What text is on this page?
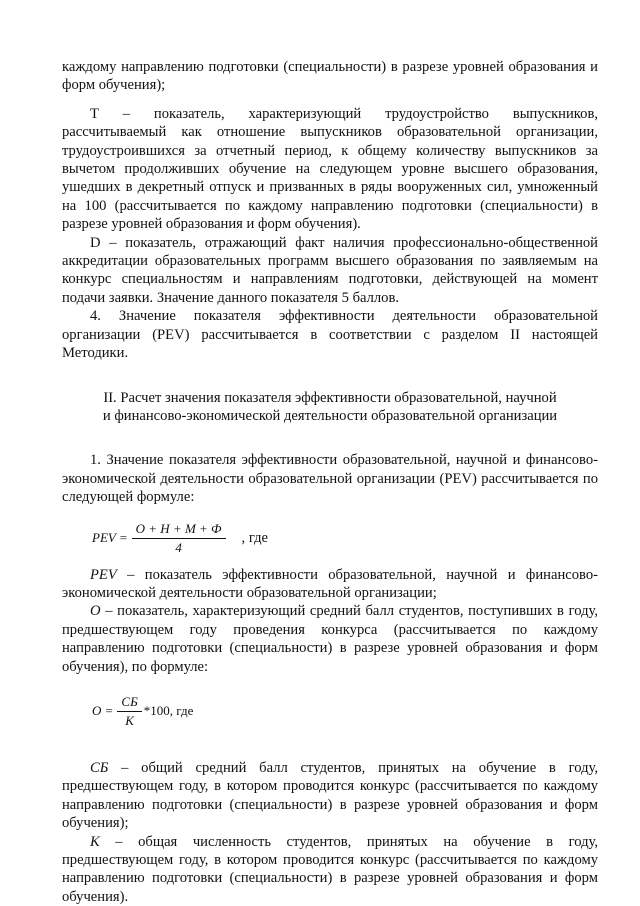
каждому направлению подготовки (специальности) в разрезе уровней образования и форм обучения);

Т – показатель, характеризующий трудоустройство выпускников, рассчитываемый как отношение выпускников образовательной организации, трудоустроившихся за отчетный период, к общему количеству выпускников за вычетом продолживших обучение на следующем уровне высшего образования, ушедших в декретный отпуск и призванных в ряды вооруженных сил, умноженный на 100 (рассчитывается по каждому направлению подготовки (специальности) в разрезе уровней образования и форм обучения).

D – показатель, отражающий факт наличия профессионально-общественной аккредитации образовательных программ высшего образования по заявляемым на конкурс специальностям и направлениям подготовки, действующей на момент подачи заявки. Значение данного показателя 5 баллов.

4. Значение показателя эффективности деятельности образовательной организации (PEV) рассчитывается в соответствии с разделом II настоящей Методики.

II. Расчет значения показателя эффективности образовательной, научной

и финансово-экономической деятельности образовательной организации

1. Значение показателя эффективности образовательной, научной и финансово-экономической деятельности образовательной организации (PEV) рассчитывается по следующей формуле:

PEV = $\frac{О + Н + М + Ф}{4}$ , где

PEV – показатель эффективности образовательной, научной и финансово-экономической деятельности образовательной организации;

О – показатель, характеризующий средний балл студентов, поступивших в году, предшествующем году проведения конкурса (рассчитывается по каждому направлению подготовки (специальности) в разрезе уровней образования и форм обучения), по формуле:

$О = \frac{СБ}{К} *100$, где

СБ – общий средний балл студентов, принятых на обучение в году, предшествующем году, в котором проводится конкурс (рассчитывается по каждому направлению подготовки (специальности) в разрезе уровней образования и форм обучения);

К – общая численность студентов, принятых на обучение в году, предшествующем году, в котором проводится конкурс (рассчитывается по каждому направлению подготовки (специальности) в разрезе уровней образования и форм обучения).
